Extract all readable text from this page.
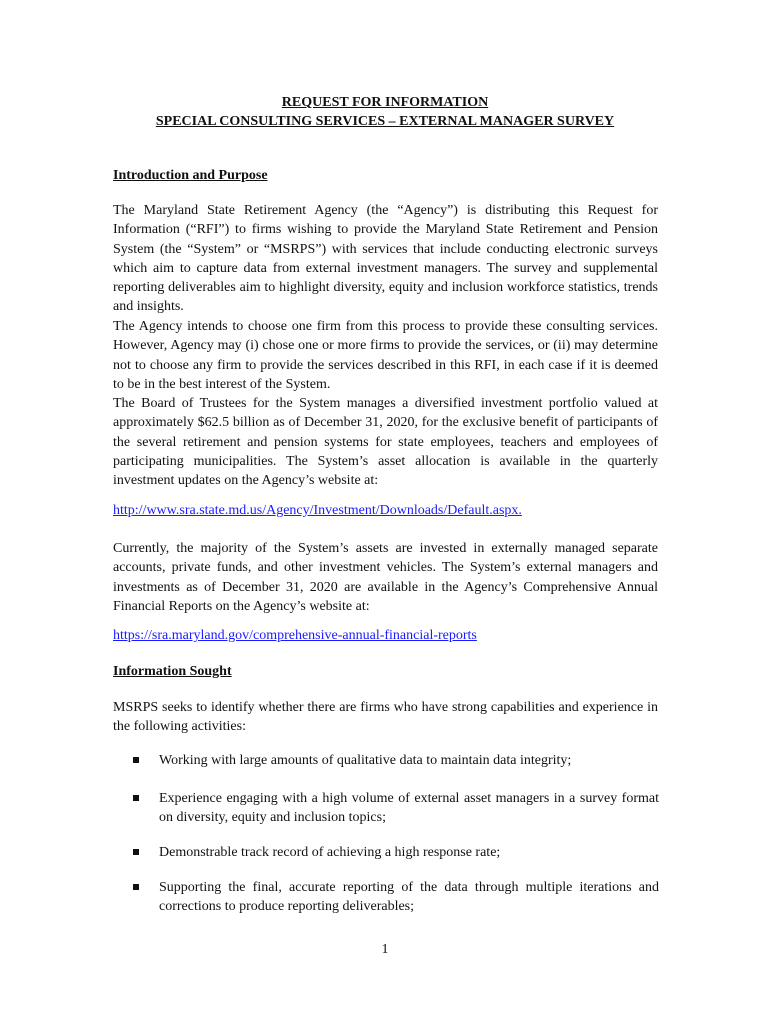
REQUEST FOR INFORMATION
SPECIAL CONSULTING SERVICES – EXTERNAL MANAGER SURVEY
Introduction and Purpose

The Maryland State Retirement Agency (the “Agency”) is distributing this Request for Information (“RFI”) to firms wishing to provide the Maryland State Retirement and Pension System (the “System” or “MSRPS”) with services that include conducting electronic surveys which aim to capture data from external investment managers. The survey and supplemental reporting deliverables aim to highlight diversity, equity and inclusion workforce statistics, trends and insights.

The Agency intends to choose one firm from this process to provide these consulting services. However, Agency may (i) chose one or more firms to provide the services, or (ii) may determine not to choose any firm to provide the services described in this RFI, in each case if it is deemed to be in the best interest of the System.

The Board of Trustees for the System manages a diversified investment portfolio valued at approximately $62.5 billion as of December 31, 2020, for the exclusive benefit of participants of the several retirement and pension systems for state employees, teachers and employees of participating municipalities. The System’s asset allocation is available in the quarterly investment updates on the Agency’s website at:

http://www.sra.state.md.us/Agency/Investment/Downloads/Default.aspx.

Currently, the majority of the System’s assets are invested in externally managed separate accounts, private funds, and other investment vehicles. The System’s external managers and investments as of December 31, 2020 are available in the Agency’s Comprehensive Annual Financial Reports on the Agency’s website at:

https://sra.maryland.gov/comprehensive-annual-financial-reports
Information Sought

MSRPS seeks to identify whether there are firms who have strong capabilities and experience in the following activities:

Working with large amounts of qualitative data to maintain data integrity;
Experience engaging with a high volume of external asset managers in a survey format on diversity, equity and inclusion topics;
Demonstrable track record of achieving a high response rate;
Supporting the final, accurate reporting of the data through multiple iterations and corrections to produce reporting deliverables;
1
